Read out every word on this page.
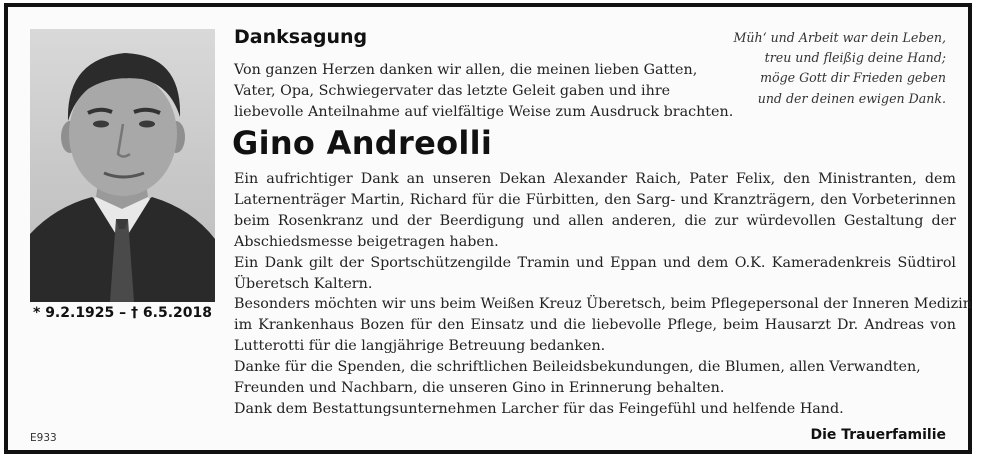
* 9.2.1925 – † 6.5.2018
Danksagung
Von ganzen Herzen danken wir allen, die meinen lieben Gatten,
Vater, Opa, Schwiegervater das letzte Geleit gaben und ihre
liebevolle Anteilnahme auf vielfältige Weise zum Ausdruck brachten.
Gino Andreolli
Ein aufrichtiger Dank an unseren Dekan Alexander Raich, Pater Felix, den Ministranten, dem
Laternenträger Martin, Richard für die Fürbitten, den Sarg- und Kranzträgern, den Vorbeterinnen
beim Rosenkranz und der Beerdigung und allen anderen, die zur würdevollen Gestaltung der
Abschiedsmesse beigetragen haben.
Ein Dank gilt der Sportschützengilde Tramin und Eppan und dem O.K. Kameradenkreis Südtirol
Überetsch Kaltern.
Besonders möchten wir uns beim Weißen Kreuz Überetsch, beim Pflegepersonal der Inneren Medizin
im Krankenhaus Bozen für den Einsatz und die liebevolle Pflege, beim Hausarzt Dr. Andreas von
Lutterotti für die langjährige Betreuung bedanken.
Danke für die Spenden, die schriftlichen Beileidsbekundungen, die Blumen, allen Verwandten,
Freunden und Nachbarn, die unseren Gino in Erinnerung behalten.
Dank dem Bestattungsunternehmen Larcher für das Feingefühl und helfende Hand.
Müh‘ und Arbeit war dein Leben,
treu und fleißig deine Hand;
möge Gott dir Frieden geben
und der deinen ewigen Dank.
E933	Die Trauerfamilie
